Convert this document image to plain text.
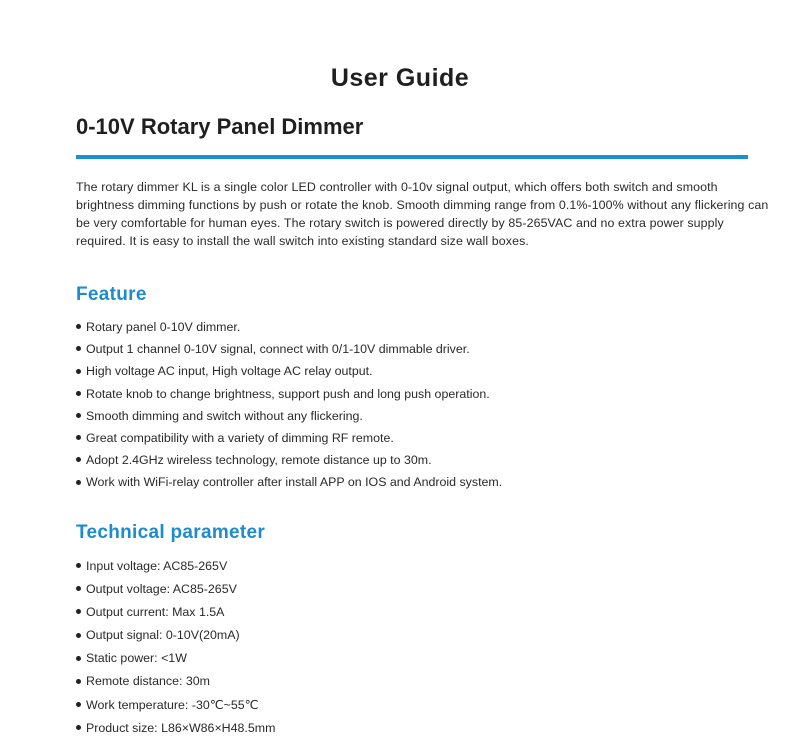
User Guide
0-10V Rotary Panel Dimmer

The rotary dimmer KL is a single color LED controller with 0-10v signal output, which offers both switch and smooth brightness dimming functions by push or rotate the knob. Smooth dimming range from 0.1%-100% without any flickering can be very comfortable for human eyes. The rotary switch is powered directly by 85-265VAC and no extra power supply required. It is easy to install the wall switch into existing standard size wall boxes.

Feature
Rotary panel 0-10V dimmer.
Output 1 channel 0-10V signal, connect with 0/1-10V dimmable driver.
High voltage AC input, High voltage AC relay output.
Rotate knob to change brightness, support push and long push operation.
Smooth dimming and switch without any flickering.
Great compatibility with a variety of dimming RF remote.
Adopt 2.4GHz wireless technology, remote distance up to 30m.
Work with WiFi-relay controller after install APP on IOS and Android system.
Technical parameter
Input voltage: AC85-265V
Output voltage: AC85-265V
Output current: Max 1.5A
Output signal: 0-10V(20mA)
Static power: <1W
Remote distance: 30m
Work temperature: -30℃~55℃
Product size: L86×W86×H48.5mm
